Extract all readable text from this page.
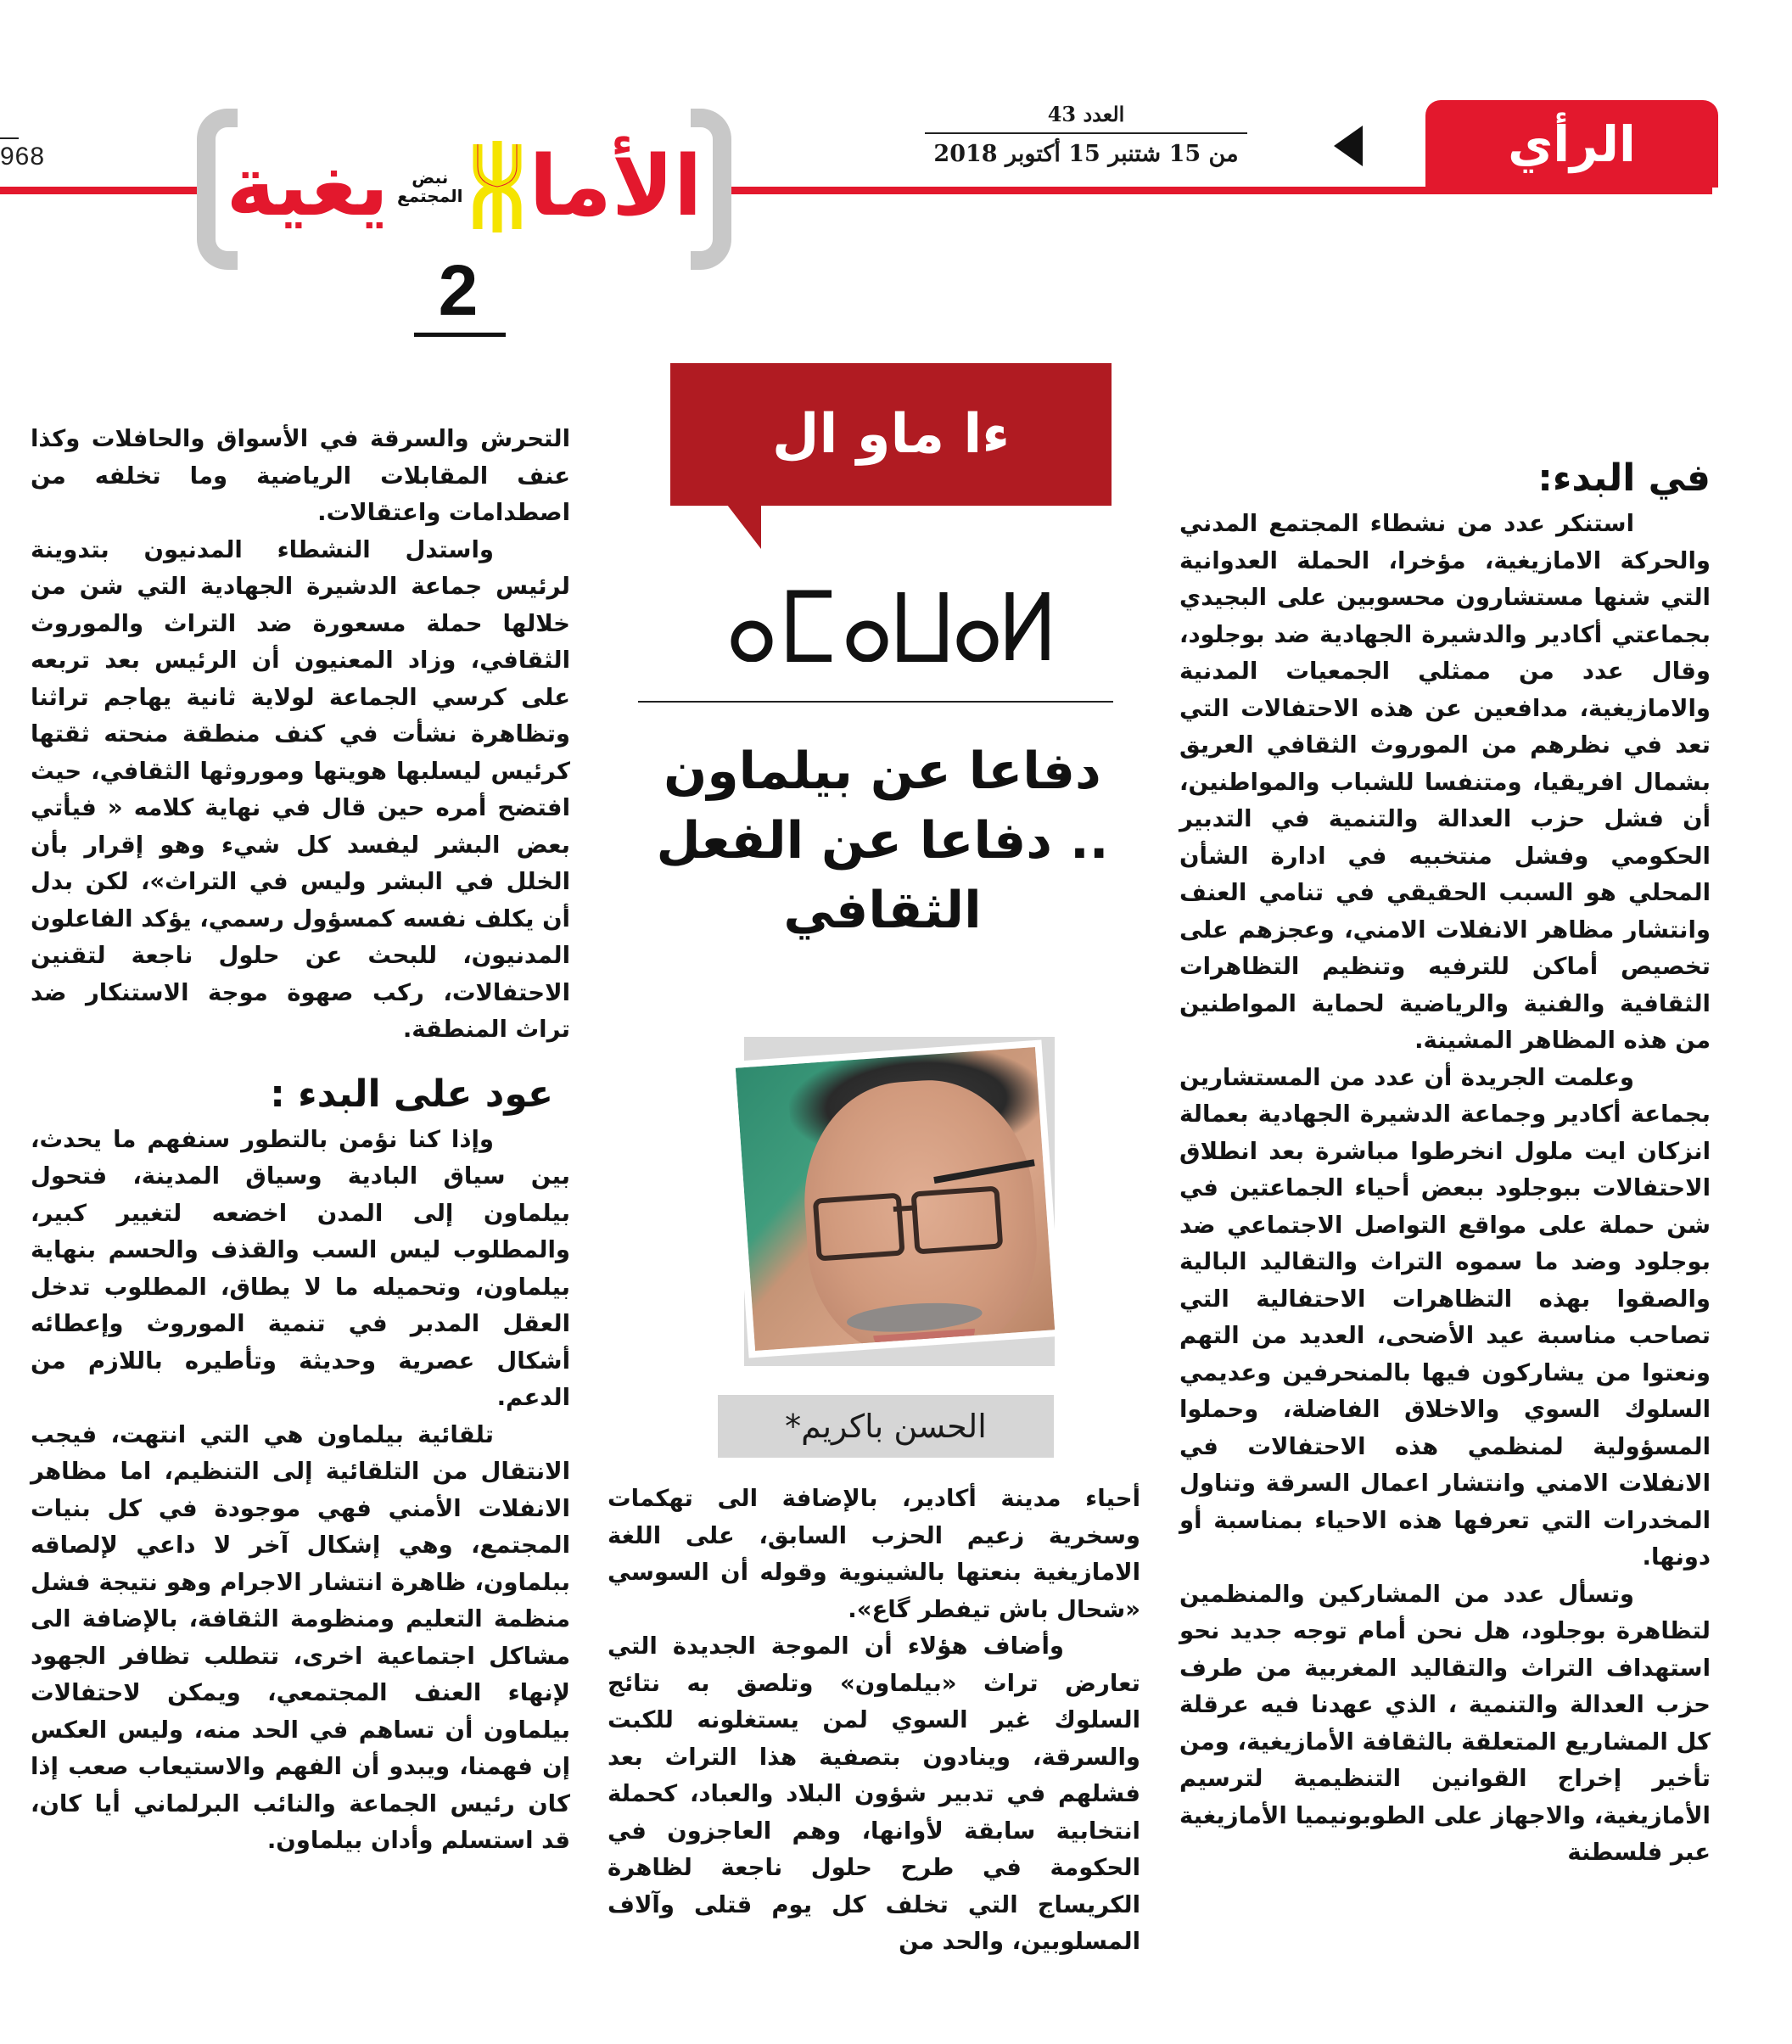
968	الأما
نبض
المجتمع
يغية
2
العدد 43
من 15 شتنبر 15 أكتوبر 2018	الرأي
ءا ماو ال
دفاعا عن بيلماون .. دفاعا عن الفعل الثقافي
الحسن باكريم*
في البدء:

استنكر عدد من نشطاء المجتمع المدني والحركة الامازيغية، مؤخرا، الحملة العدوانية التي شنها مستشارون محسوبين على البجيدي بجماعتي أكادير والدشيرة الجهادية ضد بوجلود، وقال عدد من ممثلي الجمعيات المدنية والامازيغية، مدافعين عن هذه الاحتفالات التي تعد في نظرهم من الموروث الثقافي العريق بشمال افريقيا، ومتنفسا للشباب والمواطنين، أن فشل حزب العدالة والتنمية في التدبير الحكومي وفشل منتخبيه في ادارة الشأن المحلي هو السبب الحقيقي في تنامي العنف وانتشار مظاهر الانفلات الامني، وعجزهم على تخصيص أماكن للترفيه وتنظيم التظاهرات الثقافية والفنية والرياضية لحماية المواطنين من هذه المظاهر المشينة.

وعلمت الجريدة أن عدد من المستشارين بجماعة أكادير وجماعة الدشيرة الجهادية بعمالة انزكان ايت ملول انخرطوا مباشرة بعد انطلاق الاحتفالات ببوجلود ببعض أحياء الجماعتين في شن حملة على مواقع التواصل الاجتماعي ضد بوجلود وضد ما سموه التراث والتقاليد البالية والصقوا بهذه التظاهرات الاحتفالية التي تصاحب مناسبة عيد الأضحى، العديد من التهم ونعتوا من يشاركون فيها بالمنحرفين وعديمي السلوك السوي والاخلاق الفاضلة، وحملوا المسؤولية لمنظمي هذه الاحتفالات في الانفلات الامني وانتشار اعمال السرقة وتناول المخدرات التي تعرفها هذه الاحياء بمناسبة أو دونها.

وتسأل عدد من المشاركين والمنظمين لتظاهرة بوجلود، هل نحن أمام توجه جديد نحو استهداف التراث والتقاليد المغربية من طرف حزب العدالة والتنمية ، الذي عهدنا فيه عرقلة كل المشاريع المتعلقة بالثقافة الأمازيغية، ومن تأخير إخراج القوانين التنظيمية لترسيم الأمازيغية، والاجهاز على الطوبونيميا الأمازيغية عبر فلسطنة

أحياء مدينة أكادير، بالإضافة الى تهكمات وسخرية زعيم الحزب السابق، على اللغة الامازيغية بنعتها بالشينوية وقوله أن السوسي «شحال باش تيفطر گاع».

وأضاف هؤلاء أن الموجة الجديدة التي تعارض تراث «بيلماون» وتلصق به نتائج السلوك غير السوي لمن يستغلونه للكبت والسرقة، وينادون بتصفية هذا التراث بعد فشلهم في تدبير شؤون البلاد والعباد، كحملة انتخابية سابقة لأوانها، وهم العاجزون في الحكومة في طرح حلول ناجعة لظاهرة الكريساج التي تخلف كل يوم قتلى وآلاف المسلوبين، والحد من

التحرش والسرقة في الأسواق والحافلات وكذا عنف المقابلات الرياضية وما تخلفه من اصطدامات واعتقالات.

واستدل النشطاء المدنيون بتدوينة لرئيس جماعة الدشيرة الجهادية التي شن من خلالها حملة مسعورة ضد التراث والموروث الثقافي، وزاد المعنيون أن الرئيس بعد تربعه على كرسي الجماعة لولاية ثانية يهاجم تراثنا وتظاهرة نشأت في كنف منطقة منحته ثقتها كرئيس ليسلبها هويتها وموروثها الثقافي، حيث افتضح أمره حين قال في نهاية كلامه « فيأتي بعض البشر ليفسد كل شيء وهو إقرار بأن الخلل في البشر وليس في التراث»، لكن بدل أن يكلف نفسه كمسؤول رسمي، يؤكد الفاعلون المدنيون، للبحث عن حلول ناجعة لتقنين الاحتفالات، ركب صهوة موجة الاستنكار ضد تراث المنطقة.

عود على البدء :

وإذا كنا نؤمن بالتطور سنفهم ما يحدث، بين سياق البادية وسياق المدينة، فتحول بيلماون إلى المدن اخضعه لتغيير كبير، والمطلوب ليس السب والقذف والحسم بنهاية بيلماون، وتحميله ما لا يطاق، المطلوب تدخل العقل المدبر في تنمية الموروث وإعطائه أشكال عصرية وحديثة وتأطيره باللازم من الدعم.

تلقائية بيلماون هي التي انتهت، فيجب الانتقال من التلقائية إلى التنظيم، اما مظاهر الانفلات الأمني فهي موجودة في كل بنيات المجتمع، وهي إشكال آخر لا داعي لإلصاقه ببلماون، ظاهرة انتشار الاجرام وهو نتيجة فشل منظمة التعليم ومنظومة الثقافة، بالإضافة الى مشاكل اجتماعية اخرى، تتطلب تظافر الجهود لإنهاء العنف المجتمعي، ويمكن لاحتفالات بيلماون أن تساهم في الحد منه، وليس العكس إن فهمنا، ويبدو أن الفهم والاستيعاب صعب إذا كان رئيس الجماعة والنائب البرلماني أيا كان، قد استسلم وأدان بيلماون.
